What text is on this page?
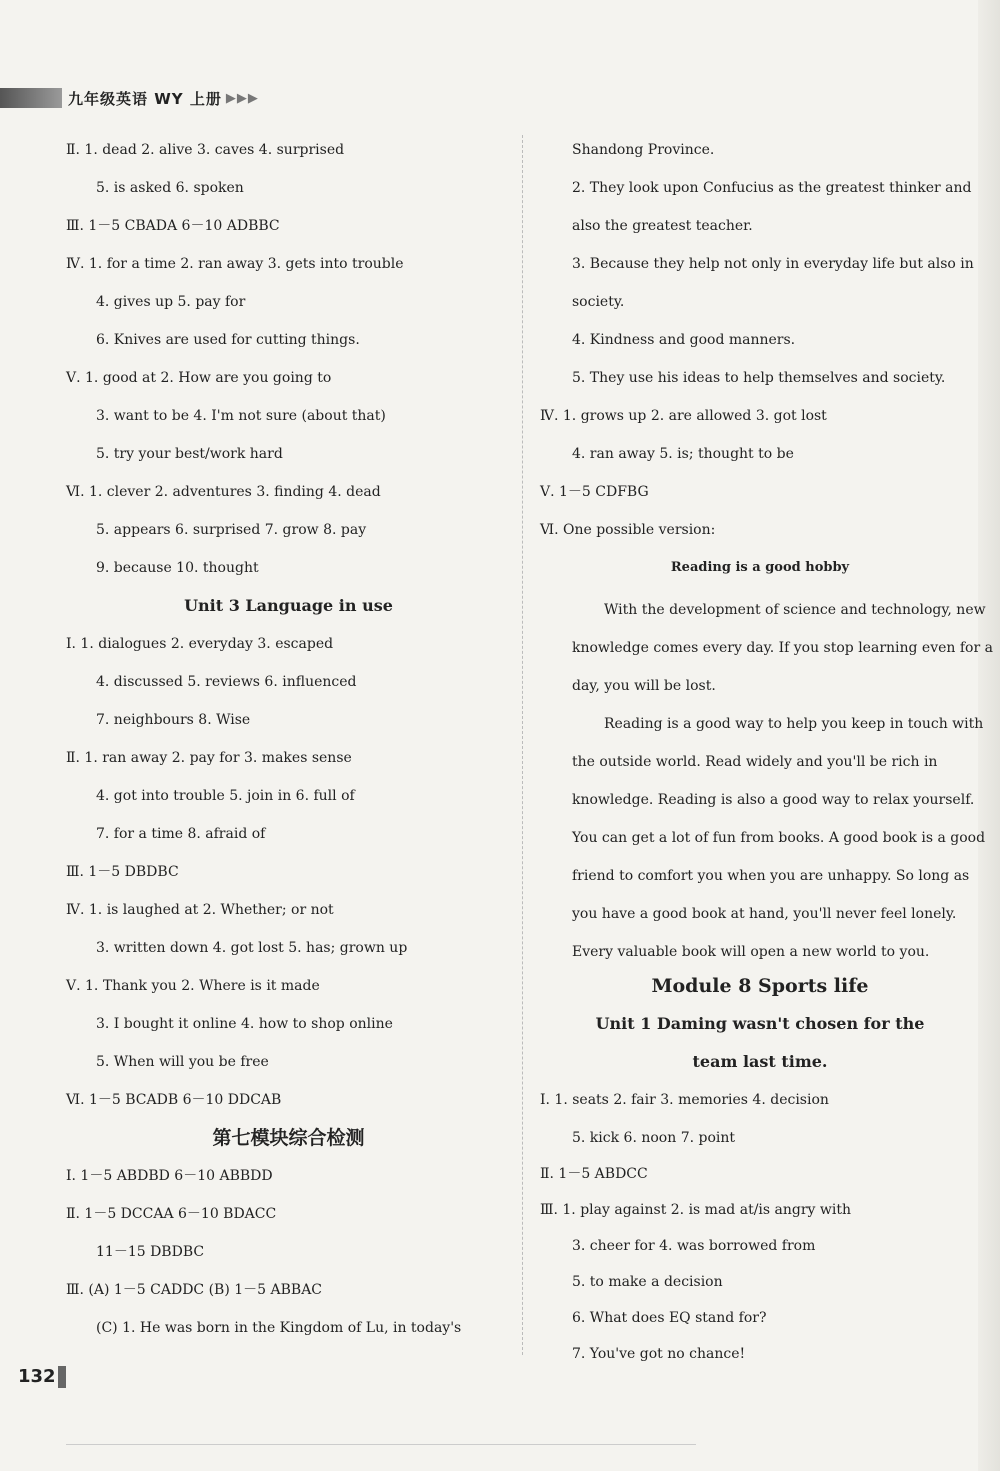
九年级英语 WY 上册 ▶▶▶
Ⅱ. 1. dead 2. alive 3. caves 4. surprised
5. is asked 6. spoken
Ⅲ. 1－5 CBADA 6－10 ADBBC
Ⅳ. 1. for a time 2. ran away 3. gets into trouble
4. gives up 5. pay for
6. Knives are used for cutting things.
Ⅴ. 1. good at 2. How are you going to
3. want to be 4. I'm not sure (about that)
5. try your best/work hard
Ⅵ. 1. clever 2. adventures 3. finding 4. dead
5. appears 6. surprised 7. grow 8. pay
9. because 10. thought
Unit 3 Language in use
Ⅰ. 1. dialogues 2. everyday 3. escaped
4. discussed 5. reviews 6. influenced
7. neighbours 8. Wise
Ⅱ. 1. ran away 2. pay for 3. makes sense
4. got into trouble 5. join in 6. full of
7. for a time 8. afraid of
Ⅲ. 1－5 DBDBC
Ⅳ. 1. is laughed at 2. Whether; or not
3. written down 4. got lost 5. has; grown up
Ⅴ. 1. Thank you 2. Where is it made
3. I bought it online 4. how to shop online
5. When will you be free
Ⅵ. 1－5 BCADB 6－10 DDCAB
第七模块综合检测
Ⅰ. 1－5 ABDBD 6－10 ABBDD
Ⅱ. 1－5 DCCAA 6－10 BDACC
11－15 DBDBC
Ⅲ. (A) 1－5 CADDC (B) 1－5 ABBAC
(C) 1. He was born in the Kingdom of Lu, in today's
Shandong Province.
2. They look upon Confucius as the greatest thinker and
also the greatest teacher.
3. Because they help not only in everyday life but also in
society.
4. Kindness and good manners.
5. They use his ideas to help themselves and society.
Ⅳ. 1. grows up 2. are allowed 3. got lost
4. ran away 5. is; thought to be
Ⅴ. 1－5 CDFBG
Ⅵ. One possible version:
Reading is a good hobby
With the development of science and technology, new
knowledge comes every day. If you stop learning even for a
day, you will be lost.
Reading is a good way to help you keep in touch with
the outside world. Read widely and you'll be rich in
knowledge. Reading is also a good way to relax yourself.
You can get a lot of fun from books. A good book is a good
friend to comfort you when you are unhappy. So long as
you have a good book at hand, you'll never feel lonely.
Every valuable book will open a new world to you.
Module 8 Sports life
Unit 1 Daming wasn't chosen for the
team last time.
Ⅰ. 1. seats 2. fair 3. memories 4. decision
5. kick 6. noon 7. point
Ⅱ. 1－5 ABDCC
Ⅲ. 1. play against 2. is mad at/is angry with
3. cheer for 4. was borrowed from
5. to make a decision
6. What does EQ stand for?
7. You've got no chance!
132
